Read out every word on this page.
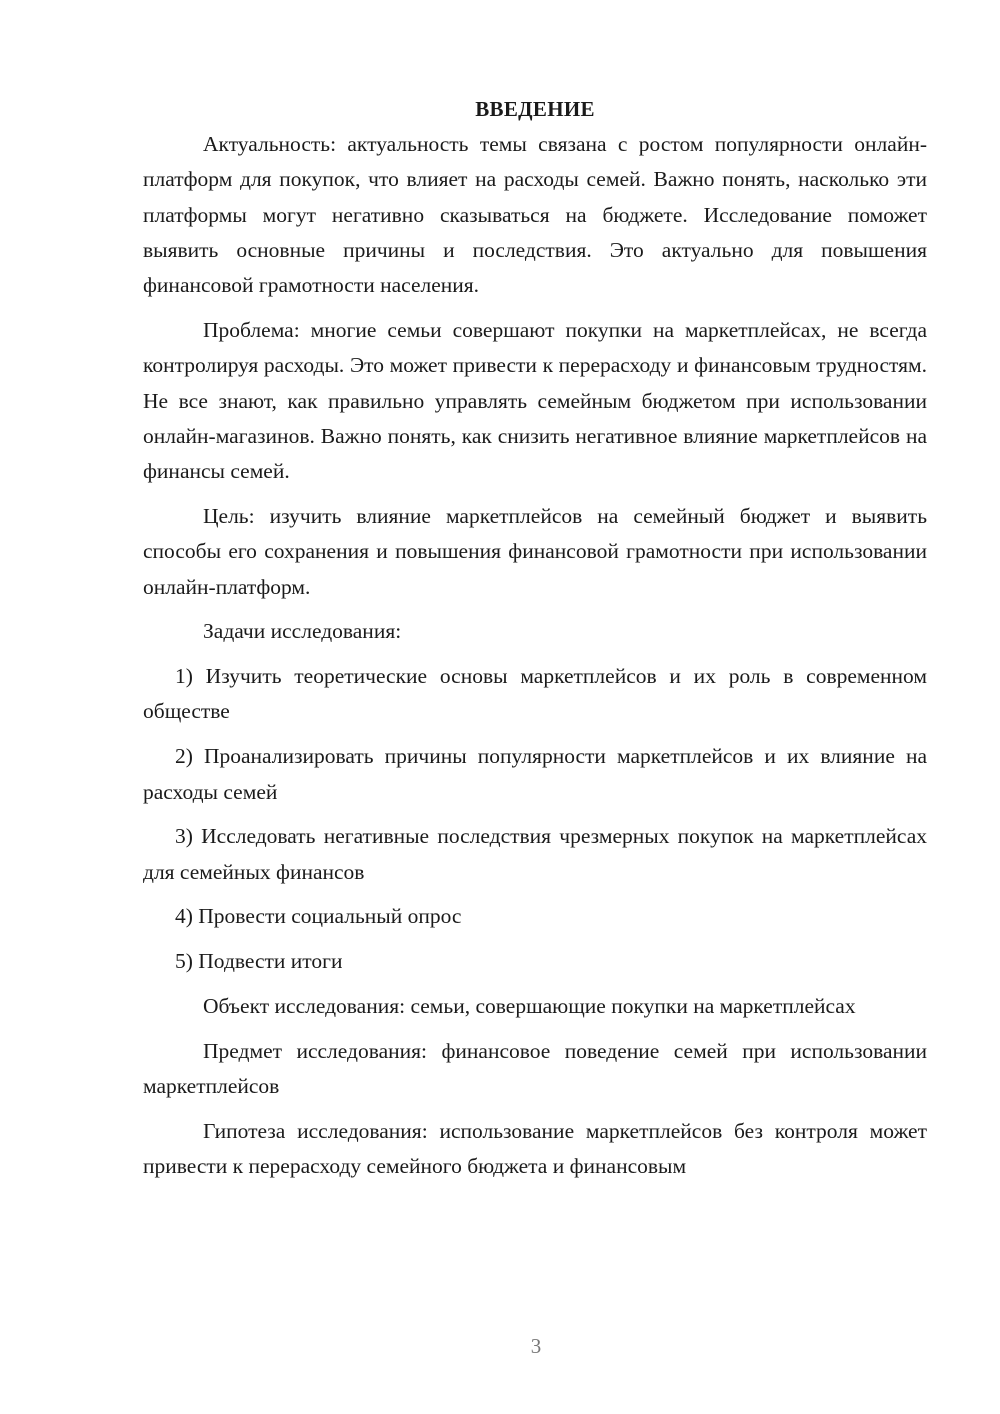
ВВЕДЕНИЕ

Актуальность: актуальность темы связана с ростом популярности онлайн-платформ для покупок, что влияет на расходы семей. Важно понять, насколько эти платформы могут негативно сказываться на бюджете. Исследование поможет выявить основные причины и последствия. Это актуально для повышения финансовой грамотности населения.

Проблема: многие семьи совершают покупки на маркетплейсах, не всегда контролируя расходы. Это может привести к перерасходу и финансовым трудностям. Не все знают, как правильно управлять семейным бюджетом при использовании онлайн-магазинов. Важно понять, как снизить негативное влияние маркетплейсов на финансы семей.

Цель: изучить влияние маркетплейсов на семейный бюджет и выявить способы его сохранения и повышения финансовой грамотности при использовании онлайн-платформ.

Задачи исследования:

1) Изучить теоретические основы маркетплейсов и их роль в современном обществе

2) Проанализировать причины популярности маркетплейсов и их влияние на расходы семей

3) Исследовать негативные последствия чрезмерных покупок на маркетплейсах для семейных финансов

4) Провести социальный опрос

5) Подвести итоги

Объект исследования: семьи, совершающие покупки на маркетплейсах

Предмет исследования: финансовое поведение семей при использовании маркетплейсов

Гипотеза исследования: использование маркетплейсов без контроля может привести к перерасходу семейного бюджета и финансовым

3
